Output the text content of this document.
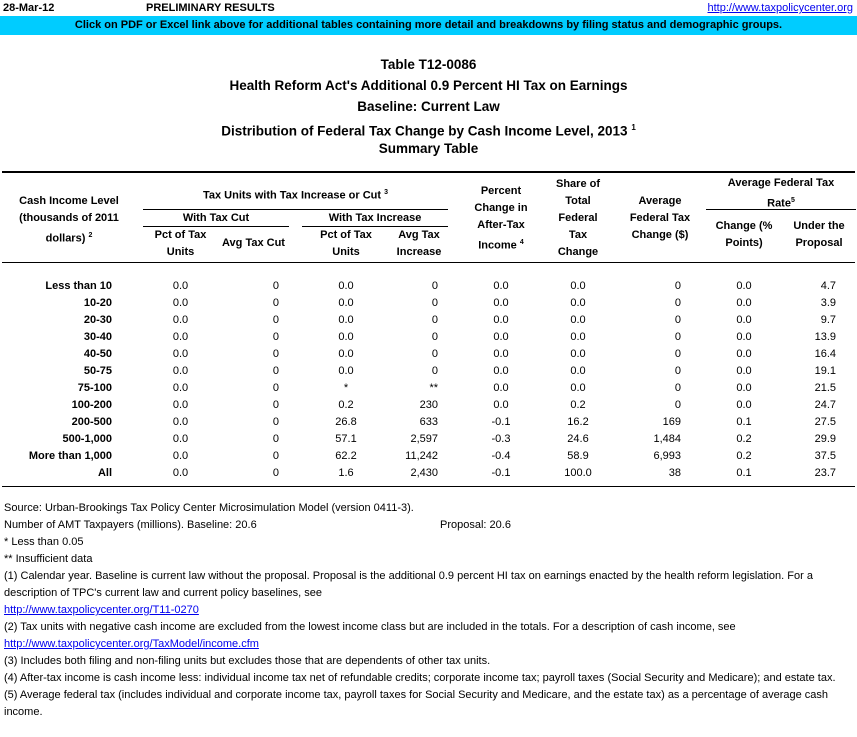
28-Mar-12	PRELIMINARY RESULTS	http://www.taxpolicycenter.org
Click on PDF or Excel link above for additional tables containing more detail and breakdowns by filing status and demographic groups.
Table T12-0086
Health Reform Act's Additional 0.9 Percent HI Tax on Earnings
Baseline: Current Law
Distribution of Federal Tax Change by Cash Income Level, 2013 $^1$
Summary Table
Cash Income Level
(thousands of 2011
dollars) $^2$
Tax Units with Tax Increase or Cut $^3$
With Tax Cut	With Tax Increase
Pct of Tax
Units
Avg Tax Cut
Pct of Tax
Units
Avg Tax
Increase
Percent
Change in
After-Tax
Income $^4$
Share of
Total
Federal
Tax
Change
Average
Federal Tax
Change ($)
Average Federal Tax
Rate$^5$
Change (%
Points)
Under the
Proposal
Less than 10	0.0	0	0.0	0	0.0	0.0	0	0.0	4.7
10-20	0.0	0	0.0	0	0.0	0.0	0	0.0	3.9
20-30	0.0	0	0.0	0	0.0	0.0	0	0.0	9.7
30-40	0.0	0	0.0	0	0.0	0.0	0	0.0	13.9
40-50	0.0	0	0.0	0	0.0	0.0	0	0.0	16.4
50-75	0.0	0	0.0	0	0.0	0.0	0	0.0	19.1
75-100	0.0	0	*	**	0.0	0.0	0	0.0	21.5
100-200	0.0	0	0.2	230	0.0	0.2	0	0.0	24.7
200-500	0.0	0	26.8	633	-0.1	16.2	169	0.1	27.5
500-1,000	0.0	0	57.1	2,597	-0.3	24.6	1,484	0.2	29.9
More than 1,000	0.0	0	62.2	11,242	-0.4	58.9	6,993	0.2	37.5
All	0.0	0	1.6	2,430	-0.1	100.0	38	0.1	23.7
Source: Urban-Brookings Tax Policy Center Microsimulation Model (version 0411-3).
Number of AMT Taxpayers (millions). Baseline: 20.6	Proposal: 20.6
* Less than 0.05
** Insufficient data
(1) Calendar year. Baseline is current law without the proposal. Proposal is the additional 0.9 percent HI tax on earnings enacted by the health reform legislation. For a description of TPC's current law and current policy baselines, see
http://www.taxpolicycenter.org/T11-0270
(2) Tax units with negative cash income are excluded from the lowest income class but are included in the totals. For a description of cash income, see
http://www.taxpolicycenter.org/TaxModel/income.cfm
(3) Includes both filing and non-filing units but excludes those that are dependents of other tax units.
(4) After-tax income is cash income less: individual income tax net of refundable credits; corporate income tax; payroll taxes (Social Security and Medicare); and estate tax.
(5) Average federal tax (includes individual and corporate income tax, payroll taxes for Social Security and Medicare, and the estate tax) as a percentage of average cash income.
